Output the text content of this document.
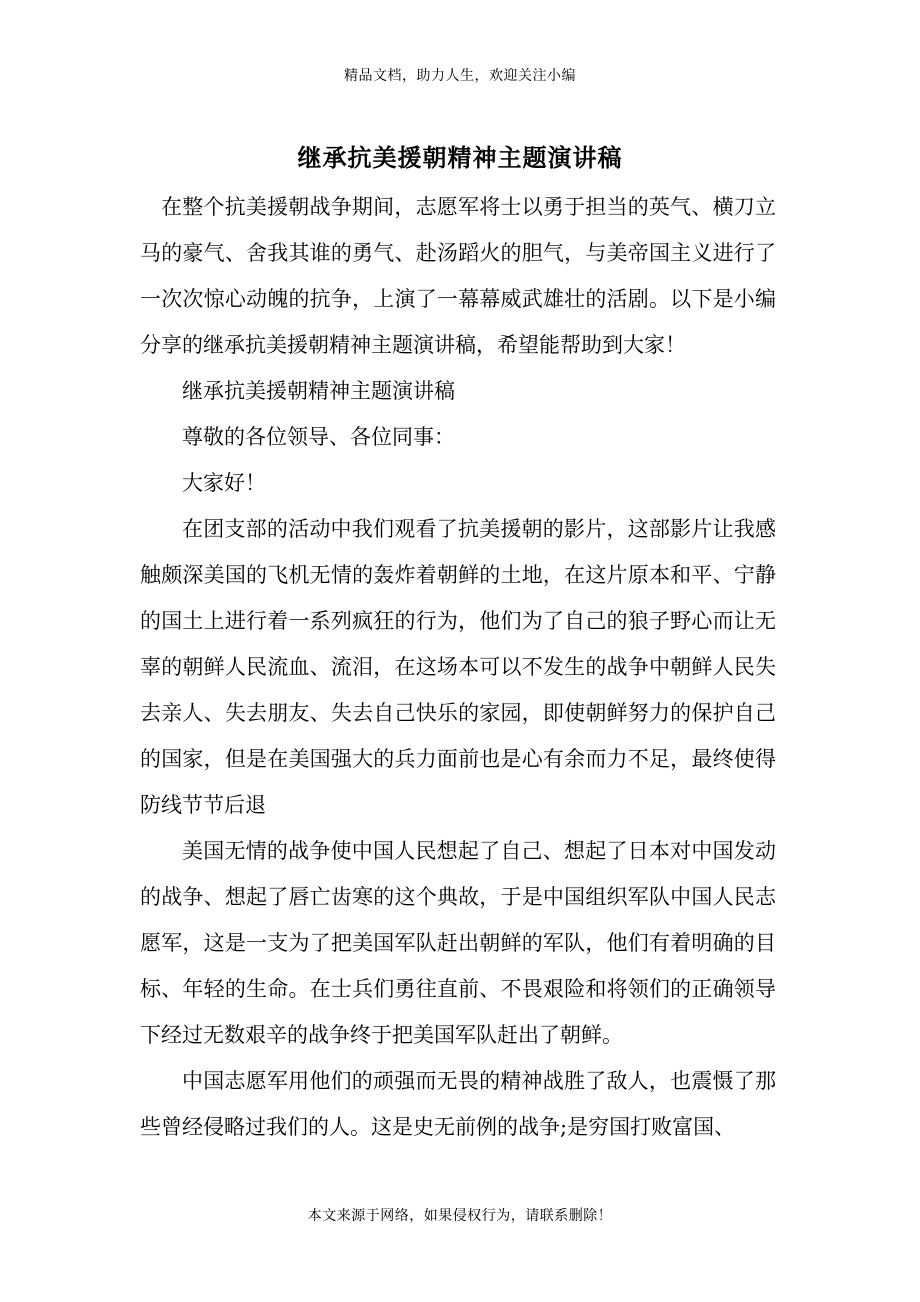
精品文档，助力人生，欢迎关注小编
继承抗美援朝精神主题演讲稿

在整个抗美援朝战争期间，志愿军将士以勇于担当的英气、横刀立马的豪气、舍我其谁的勇气、赴汤蹈火的胆气，与美帝国主义进行了一次次惊心动魄的抗争，上演了一幕幕威武雄壮的活剧。以下是小编分享的继承抗美援朝精神主题演讲稿，希望能帮助到大家！

继承抗美援朝精神主题演讲稿

尊敬的各位领导、各位同事：

大家好！

在团支部的活动中我们观看了抗美援朝的影片，这部影片让我感触颇深美国的飞机无情的轰炸着朝鲜的土地，在这片原本和平、宁静的国土上进行着一系列疯狂的行为，他们为了自己的狼子野心而让无辜的朝鲜人民流血、流泪，在这场本可以不发生的战争中朝鲜人民失去亲人、失去朋友、失去自己快乐的家园，即使朝鲜努力的保护自己的国家，但是在美国强大的兵力面前也是心有余而力不足，最终使得防线节节后退

美国无情的战争使中国人民想起了自己、想起了日本对中国发动的战争、想起了唇亡齿寒的这个典故，于是中国组织军队中国人民志愿军，这是一支为了把美国军队赶出朝鲜的军队，他们有着明确的目标、年轻的生命。在士兵们勇往直前、不畏艰险和将领们的正确领导下经过无数艰辛的战争终于把美国军队赶出了朝鲜。

中国志愿军用他们的顽强而无畏的精神战胜了敌人，也震慑了那些曾经侵略过我们的人。这是史无前例的战争;是穷国打败富国、

本文来源于网络，如果侵权行为，请联系删除！
